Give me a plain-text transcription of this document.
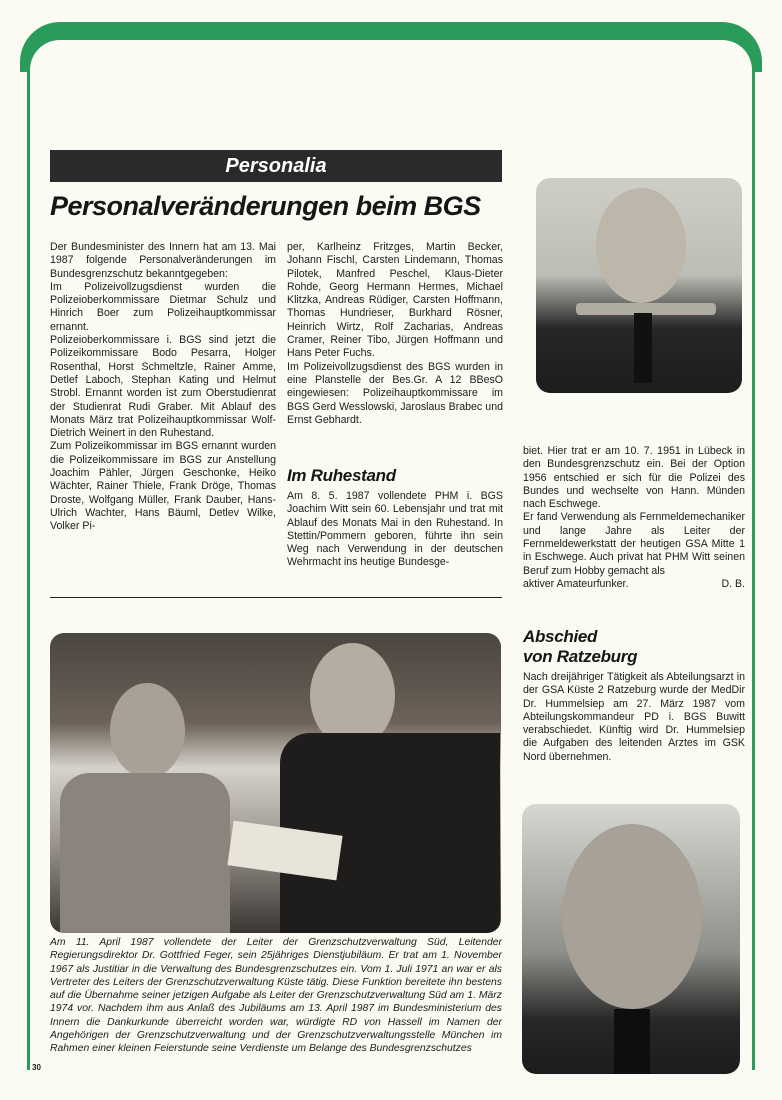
Personalia
Personalveränderungen beim BGS

Der Bundesminister des Innern hat am 13. Mai 1987 folgende Personalveränderungen im Bundesgrenzschutz bekanntgegeben:

Im Polizeivollzugsdienst wurden die Polizeioberkommissare Dietmar Schulz und Hinrich Boer zum Polizeihauptkommissar ernannt.

Polizeioberkommissare i. BGS sind jetzt die Polizeikommissare Bodo Pesarra, Holger Rosenthal, Horst Schmeltzle, Rainer Amme, Detlef Laboch, Stephan Kating und Helmut Strobl. Ernannt worden ist zum Oberstudienrat der Studienrat Rudi Graber. Mit Ablauf des Monats März trat Polizeihauptkommissar Wolf-Dietrich Weinert in den Ruhestand.

Zum Polizeikommissar im BGS ernannt wurden die Polizeikommissare im BGS zur Anstellung Joachim Pähler, Jürgen Geschonke, Heiko Wächter, Rainer Thiele, Frank Dröge, Thomas Droste, Wolfgang Müller, Frank Dauber, Hans-Ulrich Wachter, Hans Bäuml, Detlev Wilke, Volker Pi-

per, Karlheinz Fritzges, Martin Becker, Johann Fischl, Carsten Lindemann, Thomas Pilotek, Manfred Peschel, Klaus-Dieter Rohde, Georg Hermann Hermes, Michael Klitzka, Andreas Rüdiger, Carsten Hoffmann, Thomas Hundrieser, Burkhard Rösner, Heinrich Wirtz, Rolf Zacharias, Andreas Cramer, Reiner Tibo, Jürgen Hoffmann und Hans Peter Fuchs.

Im Polizeivollzugsdienst des BGS wurden in eine Planstelle der Bes.Gr. A 12 BBesO eingewiesen: Polizeihauptkommissare im BGS Gerd Wesslowski, Jaroslaus Brabec und Ernst Gebhardt.

Im Ruhestand

Am 8. 5. 1987 vollendete PHM i. BGS Joachim Witt sein 60. Lebensjahr und trat mit Ablauf des Monats Mai in den Ruhestand. In Stettin/Pommern geboren, führte ihn sein Weg nach Verwendung in der deutschen Wehrmacht ins heutige Bundesge-

biet. Hier trat er am 10. 7. 1951 in Lübeck in den Bundesgrenzschutz ein. Bei der Option 1956 entschied er sich für die Polizei des Bundes und wechselte von Hann. Münden nach Eschwege.

Er fand Verwendung als Fernmeldemechaniker und lange Jahre als Leiter der Fernmeldewerkstatt der heutigen GSA Mitte 1 in Eschwege. Auch privat hat PHM Witt seinen Beruf zum Hobby gemacht als

aktiver Amateurfunker.	D. B.
Abschied
von Ratzeburg

Nach dreijähriger Tätigkeit als Abteilungsarzt in der GSA Küste 2 Ratzeburg wurde der MedDir Dr. Hummelsiep am 27. März 1987 vom Abteilungskommandeur PD i. BGS Buwitt verabschiedet. Künftig wird Dr. Hummelsiep die Aufgaben des leitenden Arztes im GSK Nord übernehmen.

Am 11. April 1987 vollendete der Leiter der Grenzschutzverwaltung Süd, Leitender Regierungsdirektor Dr. Gottfried Feger, sein 25jähriges Dienstjubiläum. Er trat am 1. November 1967 als Justitiar in die Verwaltung des Bundesgrenzschutzes ein. Vom 1. Juli 1971 an war er als Vertreter des Leiters der Grenzschutzverwaltung Küste tätig. Diese Funktion bereitete ihn bestens auf die Übernahme seiner jetzigen Aufgabe als Leiter der Grenzschutzverwaltung Süd am 1. März 1974 vor. Nachdem ihm aus Anlaß des Jubiläums am 13. April 1987 im Bundesministerium des Innern die Dankurkunde überreicht worden war, würdigte RD von Hassell im Namen der Angehörigen der Grenzschutzverwaltung und der Grenzschutzverwaltungsstelle München im Rahmen einer kleinen Feierstunde seine Verdienste um Belange des Bundesgrenzschutzes

30
